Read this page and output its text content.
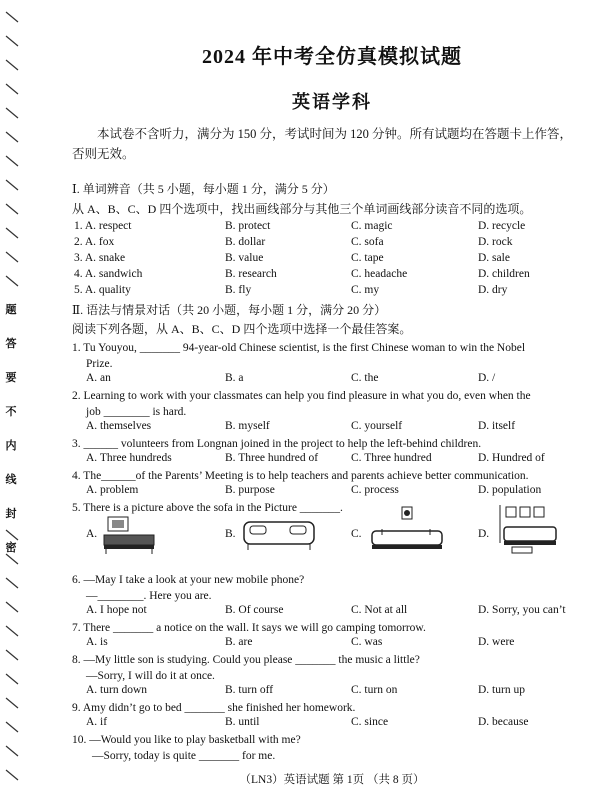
题
答
要
不
内
线
封
密
2024 年中考全仿真模拟试题
英语学科
本试卷不含听力，满分为 150 分，考试时间为 120 分钟。所有试题均在答题卡上作答，否则无效。
Ⅰ. 单词辨音（共 5 小题，每小题 1 分，满分 5 分）
从 A、B、C、D 四个选项中，找出画线部分与其他三个单词画线部分读音不同的选项。
1. A. respect	B. protect	C. magic	D. recycle
2. A. fox	B. dollar	C. sofa	D. rock
3. A. snake	B. value	C. tape	D. sale
4. A. sandwich	B. research	C. headache	D. children
5. A. quality	B. fly	C. my	D. dry
Ⅱ. 语法与情景对话（共 20 小题，每小题 1 分，满分 20 分）
阅读下列各题，从 A、B、C、D 四个选项中选择一个最佳答案。
1. Tu Youyou, _______ 94-year-old Chinese scientist, is the first Chinese woman to win the Nobel
Prize.
A. an	B. a	C. the	D. /
2. Learning to work with your classmates can help you find pleasure in what you do, even when the
job ________ is hard.
A. themselves	B. myself	C. yourself	D. itself
3. ______ volunteers from Longnan joined in the project to help the left-behind children.
A. Three hundreds	B. Three hundred of	C. Three hundred	D. Hundred of
4. The______of the Parents’ Meeting is to help teachers and parents achieve better communication.
A. problem	B. purpose	C. process	D. population
5. There is a picture above the sofa in the Picture _______.
A.	B.	C.	D.
6. —May I take a look at your new mobile phone?
—________. Here you are.
A. I hope not	B. Of course	C. Not at all	D. Sorry, you can’t
7. There _______ a notice on the wall. It says we will go camping tomorrow.
A. is	B. are	C. was	D. were
8. —My little son is studying. Could you please _______ the music a little?
—Sorry, I will do it at once.
A. turn down	B. turn off	C. turn on	D. turn up
9. Amy didn’t go to bed _______ she finished her homework.
A. if	B. until	C. since	D. because
10. —Would you like to play basketball with me?
—Sorry, today is quite _______ for me.
（LN3）英语试题 第 1页 （共 8 页）
